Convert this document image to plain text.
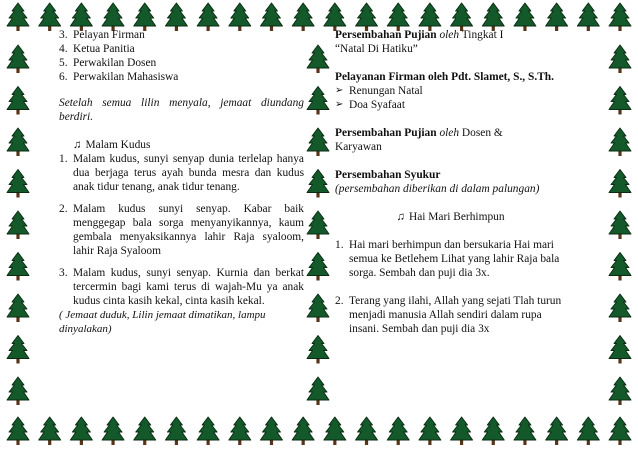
3. Pelayan Firman
4. Ketua Panitia
5. Perwakilan Dosen
6. Perwakilan Mahasiswa
Setelah semua lilin menyala, jemaat diundang berdiri.
♫ Malam Kudus
1. Malam kudus, sunyi senyap dunia terlelap hanya dua berjaga terus ayah bunda mesra dan kudus anak tidur tenang, anak tidur tenang.
2. Malam kudus sunyi senyap. Kabar baik menggegap bala sorga menyanyikannya, kaum gembala menyaksikannya lahir Raja syaloom, lahir Raja Syaloom
3. Malam kudus, sunyi senyap. Kurnia dan berkat tercermin bagi kami terus di wajah-Mu ya anak kudus cinta kasih kekal, cinta kasih kekal.
( Jemaat duduk, Lilin jemaat dimatikan, lampu dinyalakan)
Persembahan Pujian oleh Tingkat I
“Natal Di Hatiku”
Pelayanan Firman oleh Pdt. Slamet, S., S.Th.
➢ Renungan Natal
➢ Doa Syafaat
Persembahan Pujian oleh Dosen &
Karyawan
Persembahan Syukur
(persembahan diberikan di dalam palungan)
♫ Hai Mari Berhimpun
1. Hai mari berhimpun dan bersukaria Hai mari semua ke Betlehem Lihat yang lahir Raja bala sorga. Sembah dan puji dia 3x.
2. Terang yang ilahi, Allah yang sejati Tlah turun menjadi manusia Allah sendiri dalam rupa insani. Sembah dan puji dia 3x
